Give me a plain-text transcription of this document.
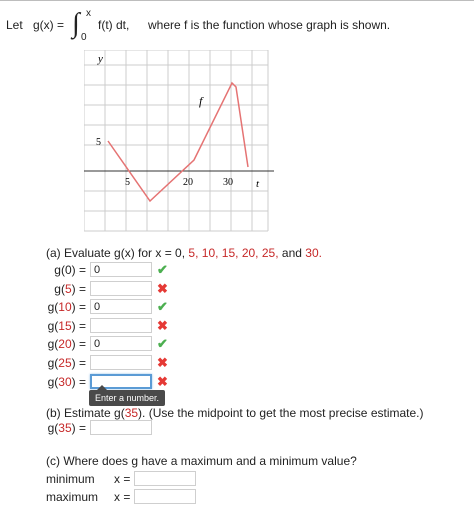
Let g(x) = ∫ x
0
f(t) dt, where f is the function whose graph is shown.
y
t
f
5
5	20	30
(a) Evaluate g(x) for x = 0, 5, 10, 15, 20, 25, and 30.
g(0) = 0	✔
g(5) =	✖
g(10) = 0	✔
g(15) =	✖
g(20) = 0	✔
g(25) =	✖
g(30) =	✖
Enter a number.
(b) Estimate g(35). (Use the midpoint to get the most precise estimate.)
g(35) =
(c) Where does g have a maximum and a minimum value?
minimum x =
maximum x =
